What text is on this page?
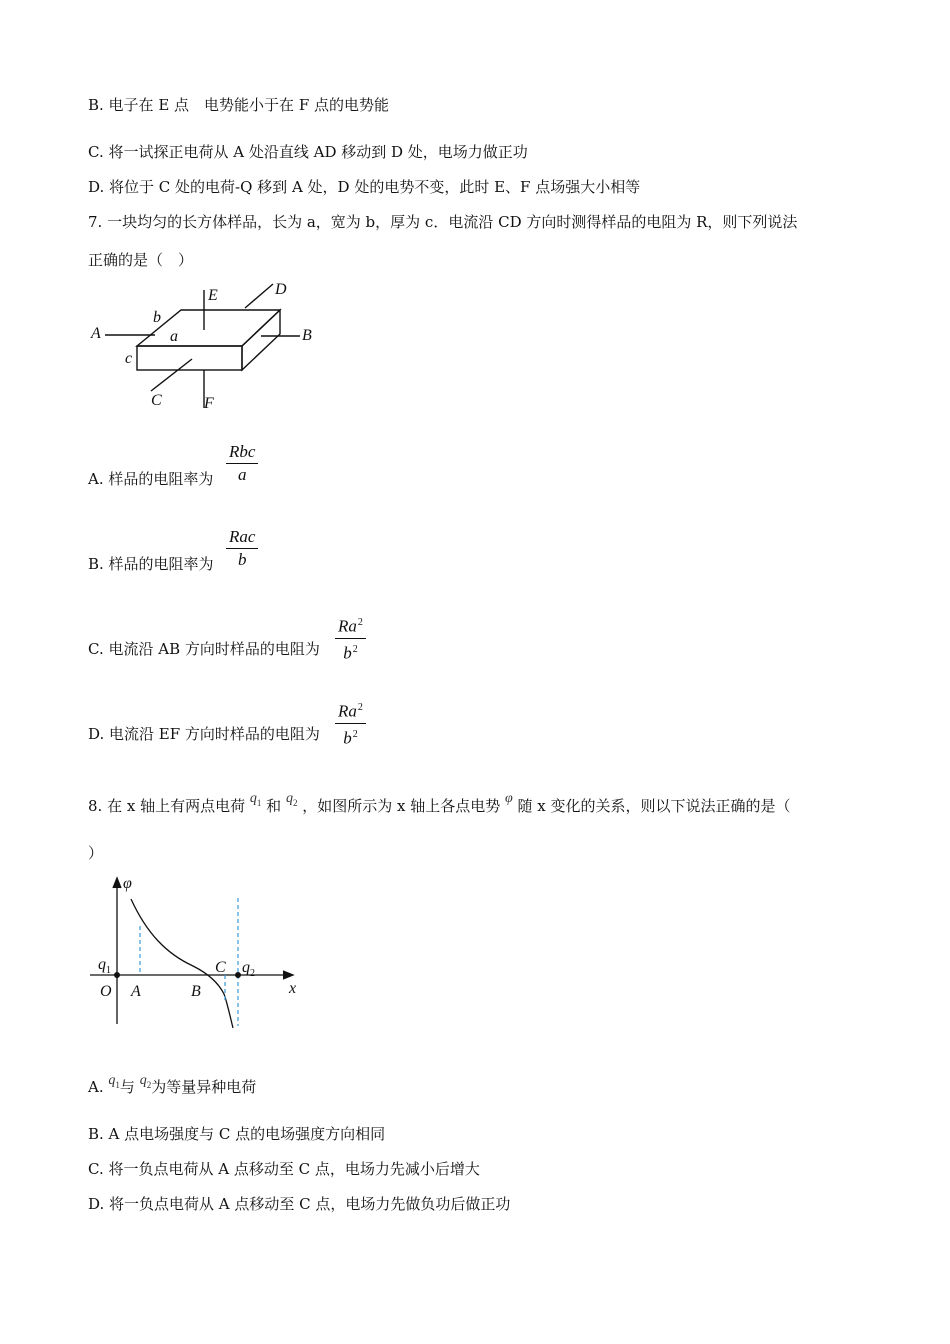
B. 电子在 E 点　电势能小于在 F 点的电势能
C. 将一试探正电荷从 A 处沿直线 AD 移动到 D 处，电场力做正功
D. 将位于 C 处的电荷-Q 移到 A 处，D 处的电势不变，此时 E、F 点场强大小相等
7. 一块均匀的长方体样品，长为 a，宽为 b，厚为 c．电流沿 CD 方向时测得样品的电阻为 R，则下列说法
正确的是（　）
E	D
A	B
b
a
c
C	F
A. 样品的电阻率为
Rbc
a
B. 样品的电阻率为
Rac
b
C. 电流沿 AB 方向时样品的电阻为 $\frac{Ra^2}{b^2}$
D. 电流沿 EF 方向时样品的电阻为 $\frac{Ra^2}{b^2}$
8. 在 x 轴上有两点电荷 $q_1$ 和 $q_2$ ，如图所示为 x 轴上各点电势 φ 随 x 变化的关系，则以下说法正确的是（
）
φ
$q_1$	$q_2$
O A	B
C
x
A. $q_1$与 $q_2$为等量异种电荷
B. A 点电场强度与 C 点的电场强度方向相同
C. 将一负点电荷从 A 点移动至 C 点，电场力先减小后增大
D. 将一负点电荷从 A 点移动至 C 点，电场力先做负功后做正功
